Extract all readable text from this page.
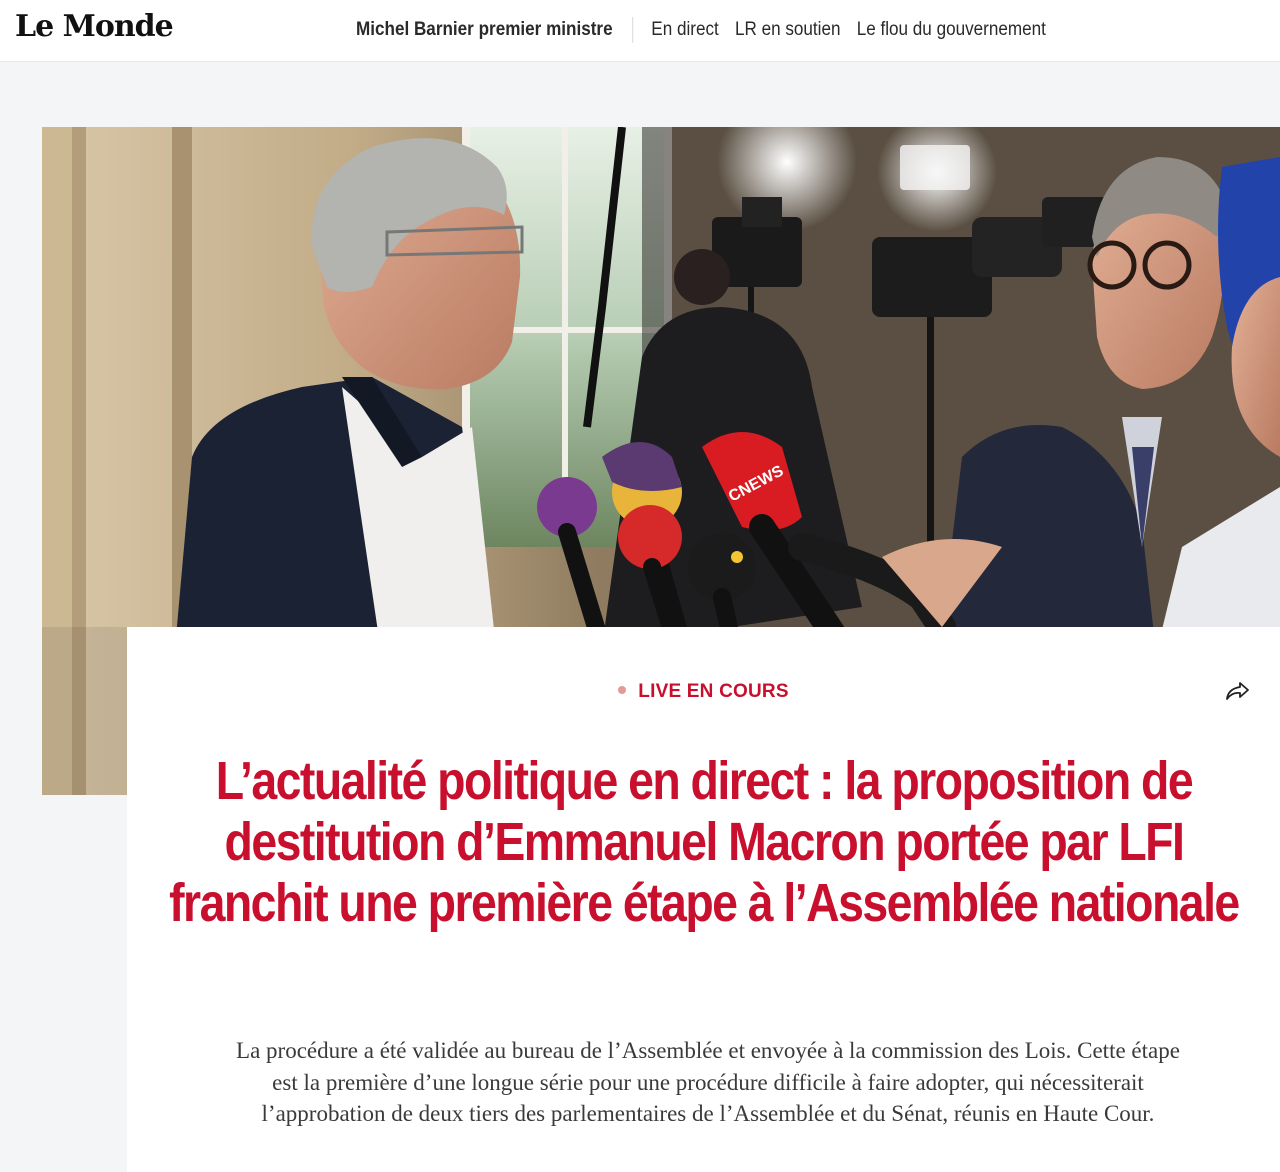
Le Monde	Michel Barnier premier ministre En direct LR en soutien Le flou du gouvernement
CNEWS
LIVE EN COURS
L’actualité politique en direct : la proposition de destitution d’Emmanuel Macron portée par LFI franchit une première étape à l’Assemblée nationale

La procédure a été validée au bureau de l’Assemblée et envoyée à la commission des Lois. Cette étape est la première d’une longue série pour une procédure difficile à faire adopter, qui nécessiterait l’approbation de deux tiers des parlementaires de l’Assemblée et du Sénat, réunis en Haute Cour.
